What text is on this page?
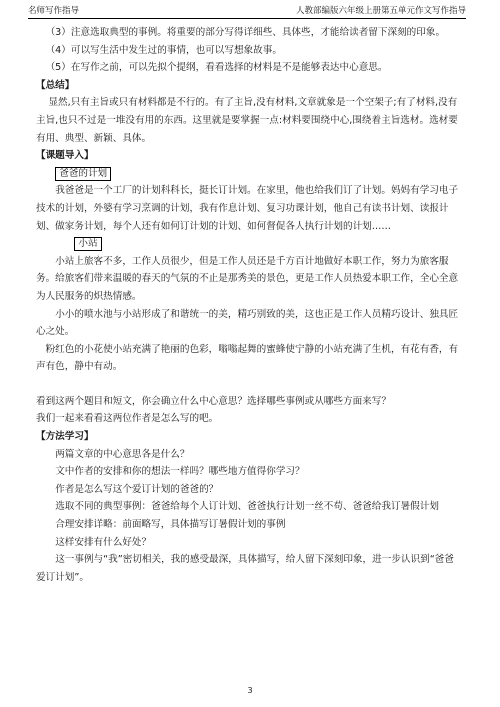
名师写作指导	人教部编版六年级上册第五单元作文写作指导

（3）注意选取典型的事例。将重要的部分写得详细些、具体些，才能给读者留下深刻的印象。

（4）可以写生活中发生过的事情，也可以写想象故事。

（5）在写作之前，可以先拟个提纲，看看选择的材料是不是能够表达中心意思。

【总结】

显然,只有主旨或只有材料都是不行的。有了主旨,没有材料,文章就象是一个空架子;有了材料,没有主旨,也只不过是一堆没有用的东西。这里就是要掌握一点:材料要围绕中心,围绕着主旨选材。选材要有用、典型、新颖、具体。

【课题导入】

爸爸的计划

我爸爸是一个工厂的计划科科长，挺长订计划。在家里，他也给我们订了计划。妈妈有学习电子技术的计划，外婆有学习烹调的计划，我有作息计划、复习功课计划，他自己有读书计划、读报计划、做家务计划，每个人还有如何订计划的计划、如何督促各人执行计划的计划……

小站

小站上旅客不多，工作人员很少，但是工作人员还是千方百计地做好本职工作，努力为旅客服务。给旅客们带来温暖的春天的气氛的不止是那秀美的景色，更是工作人员热爱本职工作，全心全意为人民服务的炽热情感。

小小的喷水池与小站形成了和谐统一的美，精巧别致的美，这也正是工作人员精巧设计、独具匠心之处。

粉红色的小花使小站充满了艳丽的色彩，嗡嗡起舞的蜜蜂使宁静的小站充满了生机，有花有香，有声有色，静中有动。

看到这两个题目和短文，你会确立什么中心意思？选择哪些事例或从哪些方面来写？

我们一起来看看这两位作者是怎么写的吧。

【方法学习】

两篇文章的中心意思各是什么？

文中作者的安排和你的想法一样吗？哪些地方值得你学习？

作者是怎么写这个爱订计划的爸爸的？

选取不同的典型事例：爸爸给每个人订计划、爸爸执行计划一丝不苟、爸爸给我订暑假计划

合理安排详略：前面略写，具体描写订暑假计划的事例

这样安排有什么好处？

这一事例与“我”密切相关，我的感受最深，具体描写，给人留下深刻印象，进一步认识到“爸爸爱订计划”。

3
